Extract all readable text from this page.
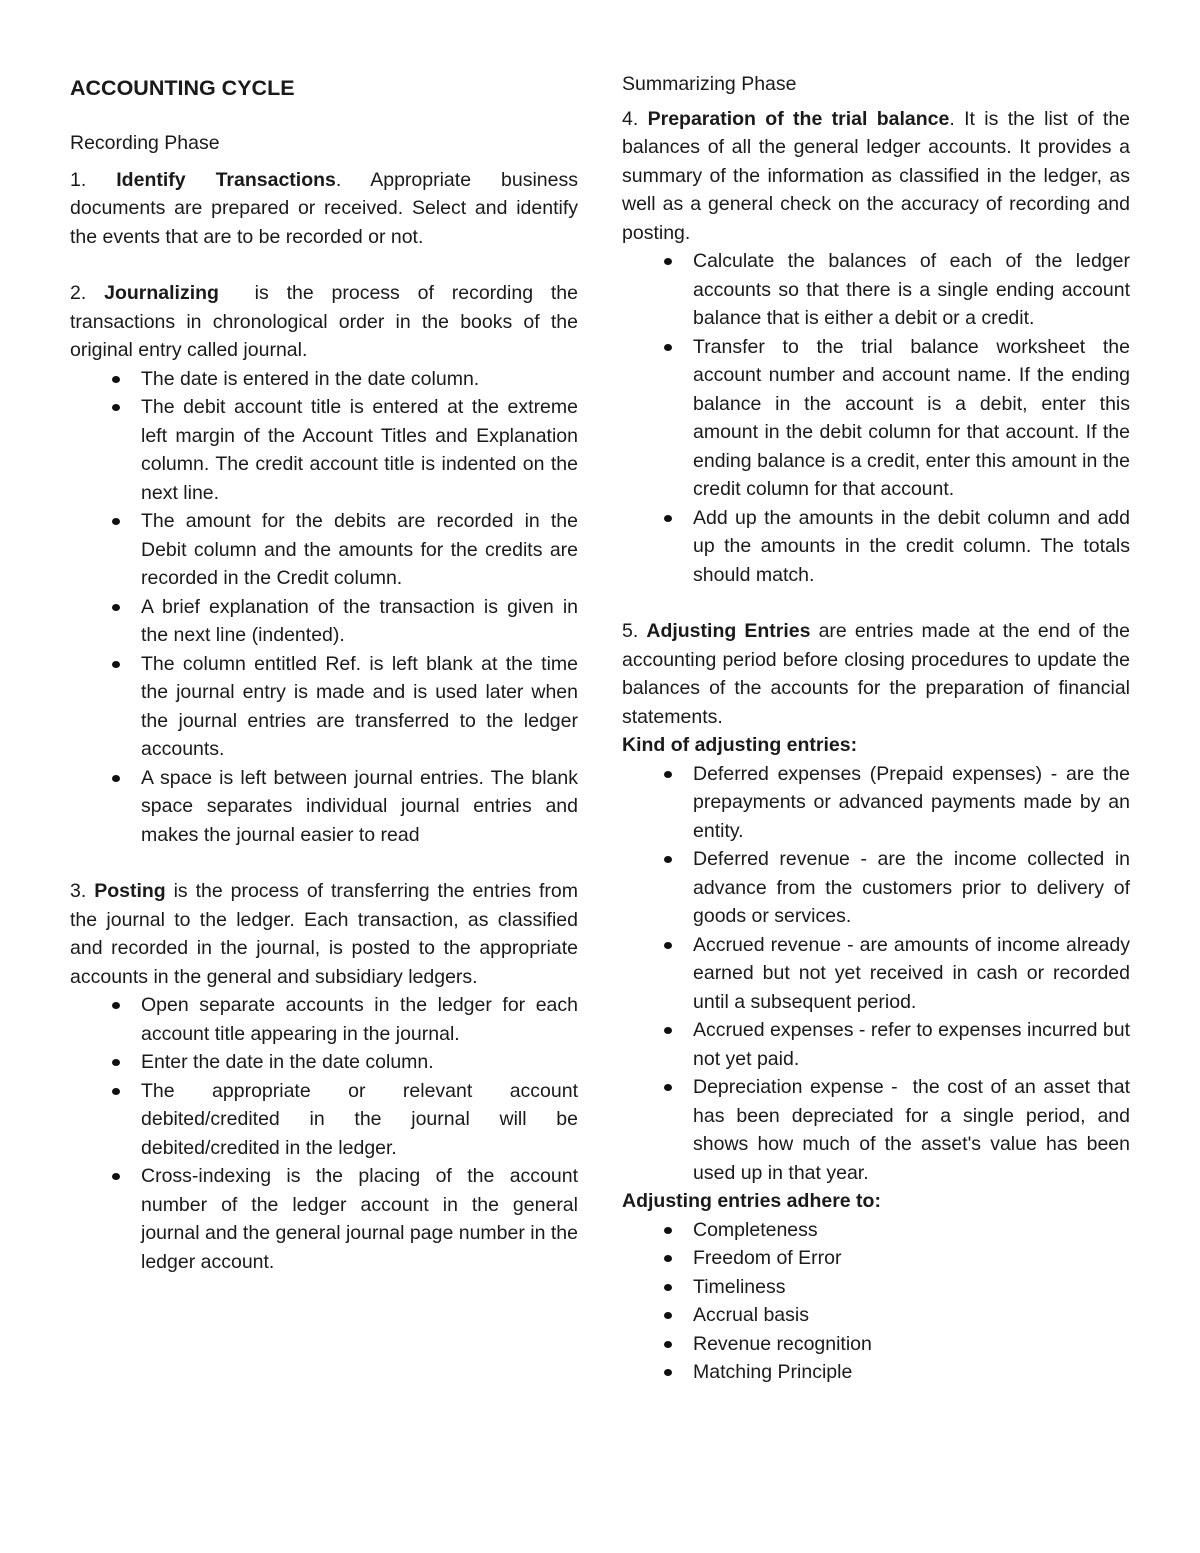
ACCOUNTING CYCLE
Recording Phase

1. Identify Transactions. Appropriate business documents are prepared or received. Select and identify the events that are to be recorded or not.

2. Journalizing  is the process of recording the transactions in chronological order in the books of the original entry called journal.

The date is entered in the date column.
The debit account title is entered at the extreme left margin of the Account Titles and Explanation column. The credit account title is indented on the next line.
The amount for the debits are recorded in the Debit column and the amounts for the credits are recorded in the Credit column.
A brief explanation of the transaction is given in the next line (indented).
The column entitled Ref. is left blank at the time the journal entry is made and is used later when the journal entries are transferred to the ledger accounts.
A space is left between journal entries. The blank space separates individual journal entries and makes the journal easier to read

3. Posting is the process of transferring the entries from the journal to the ledger. Each transaction, as classified and recorded in the journal, is posted to the appropriate accounts in the general and subsidiary ledgers.

Open separate accounts in the ledger for each  account title appearing in the journal.
Enter the date in the date column.
The appropriate or relevant account debited/credited in the journal will be debited/credited in the ledger.
Cross-indexing is the placing of the account number of the ledger account in the general journal and the general journal page number in the ledger account.
Summarizing Phase

4. Preparation of the trial balance. It is the list of the balances of all the general ledger accounts. It provides a summary of the information as classified in the ledger, as well as a general check on the accuracy of recording and posting.

Calculate the balances of each of the ledger accounts so that there is a single ending account balance that is either a debit or a credit.
Transfer to the trial balance worksheet the account number and account name. If the ending balance in the account is a debit, enter this amount in the debit column for that account. If the ending balance is a credit, enter this amount in the credit column for that account.
Add up the amounts in the debit column and add up the amounts in the credit column. The totals should match.

5. Adjusting Entries are entries made at the end of the accounting period before closing procedures to update the balances of the accounts for the preparation of financial statements.

Kind of adjusting entries:

Deferred expenses (Prepaid expenses) - are the prepayments or advanced payments made by an entity.
Deferred revenue - are the income collected in advance from the customers prior to delivery of goods or services.
Accrued revenue - are amounts of income already earned but not yet received in cash or recorded until a subsequent period.
Accrued expenses - refer to expenses incurred but not yet paid.
Depreciation expense -  the cost of an asset that has been depreciated for a single period, and shows how much of the asset's value has been used up in that year.

Adjusting entries adhere to:

Completeness
Freedom of Error
Timeliness
Accrual basis
Revenue recognition
Matching Principle
